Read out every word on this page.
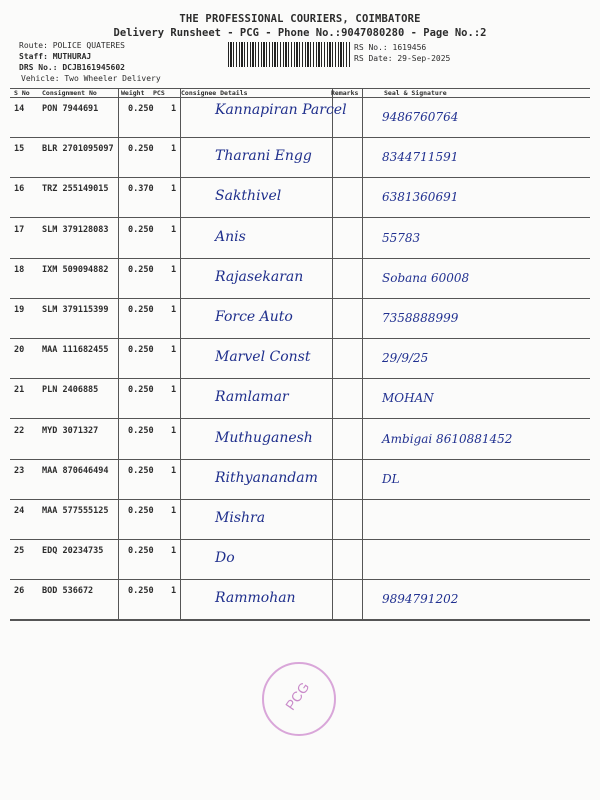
THE PROFESSIONAL COURIERS, COIMBATORE
Delivery Runsheet - PCG - Phone No.:9047080280 - Page No.:2
Route: POLICE QUATERES
Staff: MUTHURAJ
DRS No.: DCJB161945602
Vehicle: Two Wheeler Delivery
RS No.: 1619456
RS Date: 29-Sep-2025
S No Consignment No	Weight PCS	Consignee Details	Remarks	Seal & Signature
14 PON 7944691	0.250 1	Kannapiran Parcel	9486760764
15 BLR 2701095097 0.250 1	Tharani Engg	8344711591
16 TRZ 255149015 0.370 1	Sakthivel	6381360691
17 SLM 379128083 0.250 1	Anis	55783
18 IXM 509094882 0.250 1	Rajasekaran	Sobana 60008
19 SLM 379115399 0.250 1	Force Auto	7358888999
20 MAA 111682455 0.250 1	Marvel Const	29/9/25
21 PLN 2406885	0.250 1	Ramlamar	MOHAN
22 MYD 3071327	0.250 1	Muthuganesh	Ambigai 8610881452
23 MAA 870646494 0.250 1	Rithyanandam	DL
24 MAA 577555125 0.250 1	Mishra
25 EDQ 20234735	0.250 1	Do
26 BOD 536672	0.250 1	Rammohan	9894791202
PCG
